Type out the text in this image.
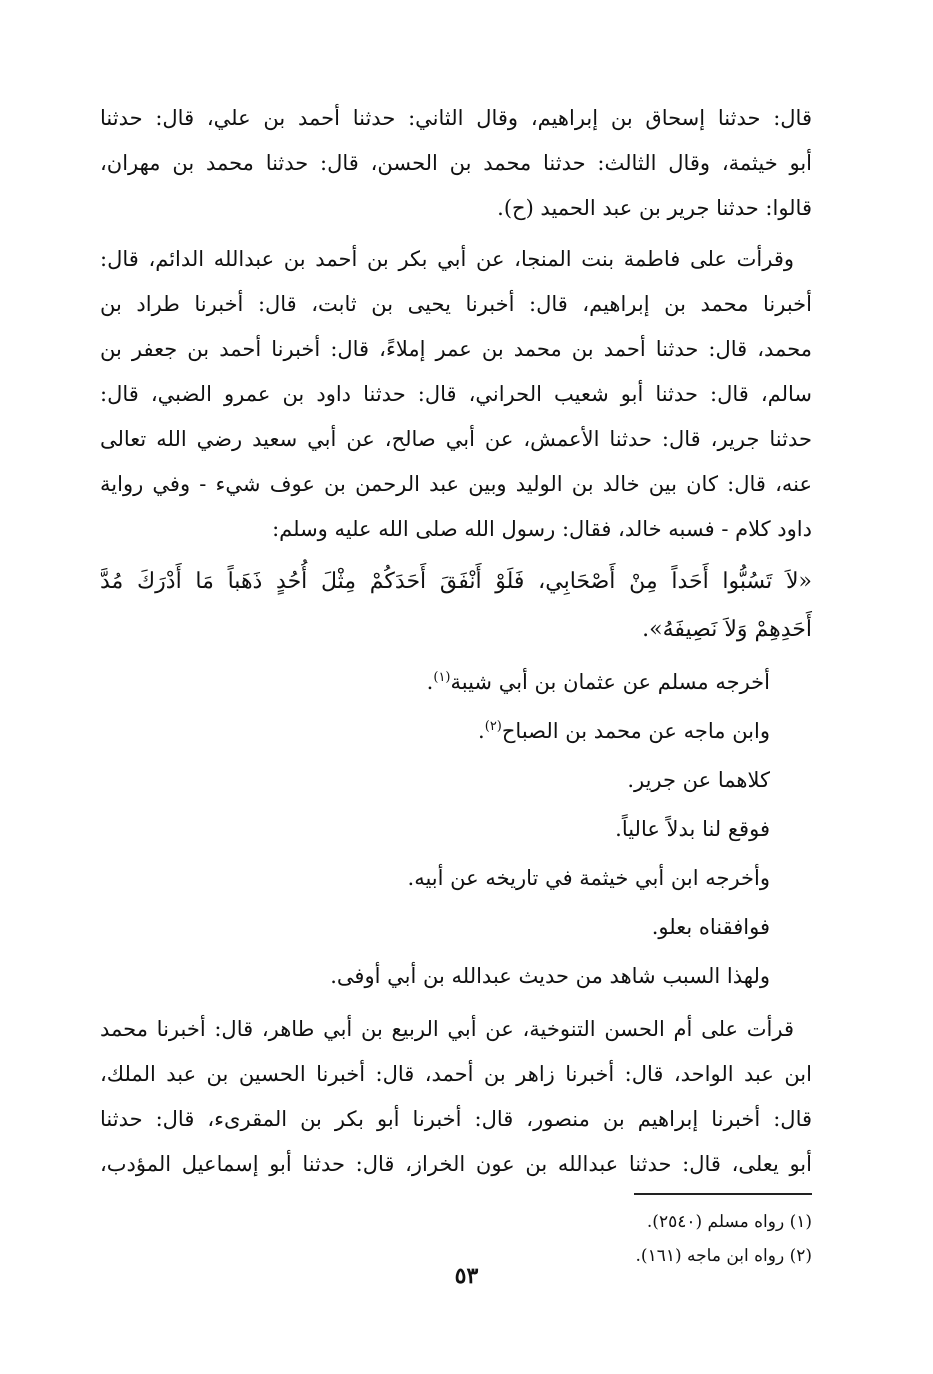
قال: حدثنا إسحاق بن إبراهيم، وقال الثاني: حدثنا أحمد بن علي، قال: حدثنا
أبو خيثمة، وقال الثالث: حدثنا محمد بن الحسن، قال: حدثنا محمد بن مهران،
قالوا: حدثنا جرير بن عبد الحميد (ح).

وقرأت على فاطمة بنت المنجا، عن أبي بكر بن أحمد بن عبدالله الدائم، قال:
أخبرنا محمد بن إبراهيم، قال: أخبرنا يحيى بن ثابت، قال: أخبرنا طراد بن
محمد، قال: حدثنا أحمد بن محمد بن عمر إملاءً، قال: أخبرنا أحمد بن جعفر بن
سالم، قال: حدثنا أبو شعيب الحراني، قال: حدثنا داود بن عمرو الضبي، قال:
حدثنا جرير، قال: حدثنا الأعمش، عن أبي صالح، عن أبي سعيد رضي الله تعالى
عنه، قال: كان بين خالد بن الوليد وبين عبد الرحمن بن عوف شيء - وفي رواية
داود كلام - فسبه خالد، فقال: رسول الله صلى الله عليه وسلم:

«لاَ تَسُبُّوا أَحَداً مِنْ أَصْحَابِي، فَلَوْ أَنْفَقَ أَحَدَكُمْ مِثْلَ أُحُدٍ ذَهَباً مَا أَدْرَكَ مُدَّ
أَحَدِهِمْ وَلاَ نَصِيفَهُ».

أخرجه مسلم عن عثمان بن أبي شيبة$^{(١)}$.
وابن ماجه عن محمد بن الصباح$^{(٢)}$.
كلاهما عن جرير.
فوقع لنا بدلاً عالياً.
وأخرجه ابن أبي خيثمة في تاريخه عن أبيه.
فوافقناه بعلو.
ولهذا السبب شاهد من حديث عبدالله بن أبي أوفى.

قرأت على أم الحسن التنوخية، عن أبي الربيع بن أبي طاهر، قال: أخبرنا محمد
ابن عبد الواحد، قال: أخبرنا زاهر بن أحمد، قال: أخبرنا الحسين بن عبد الملك،
قال: أخبرنا إبراهيم بن منصور، قال: أخبرنا أبو بكر بن المقرىء، قال: حدثنا
أبو يعلى، قال: حدثنا عبدالله بن عون الخراز، قال: حدثنا أبو إسماعيل المؤدب،

(١) رواه مسلم (٢٥٤٠).
(٢) رواه ابن ماجه (١٦١).
٥٣
